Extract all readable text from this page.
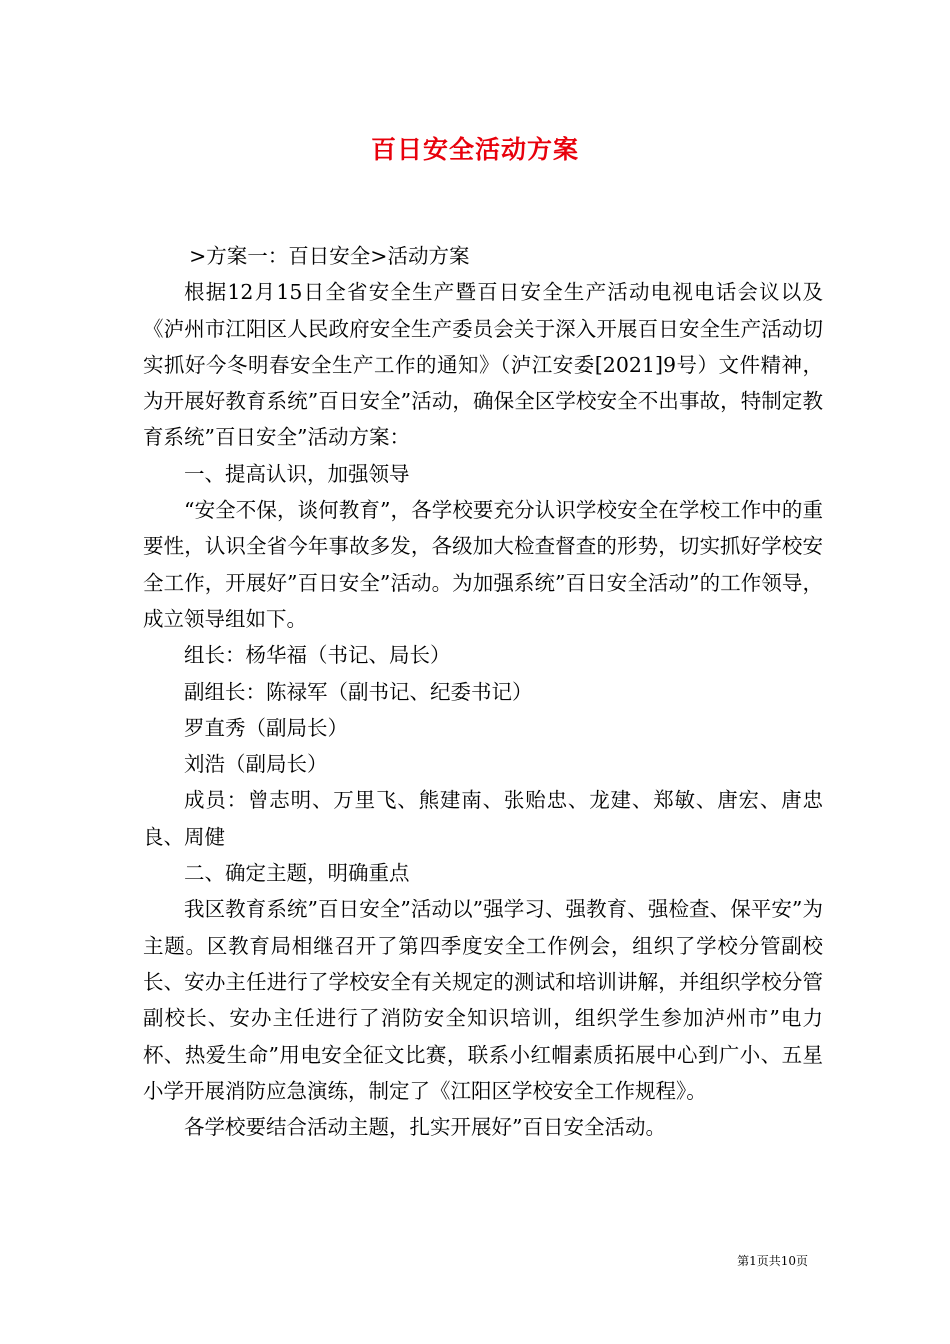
百日安全活动方案

>方案一：百日安全>活动方案

根据12月15日全省安全生产暨百日安全生产活动电视电话会议以及《泸州市江阳区人民政府安全生产委员会关于深入开展百日安全生产活动切实抓好今冬明春安全生产工作的通知》（泸江安委[2021]9号）文件精神，为开展好教育系统”百日安全”活动，确保全区学校安全不出事故，特制定教育系统”百日安全”活动方案：

一、提高认识，加强领导

“安全不保，谈何教育”，各学校要充分认识学校安全在学校工作中的重要性，认识全省今年事故多发，各级加大检查督查的形势，切实抓好学校安全工作，开展好”百日安全”活动。为加强系统”百日安全活动”的工作领导，成立领导组如下。

组长：杨华福（书记、局长）

副组长：陈禄军（副书记、纪委书记）

罗直秀（副局长）

刘浩（副局长）

成员：曾志明、万里飞、熊建南、张贻忠、龙建、郑敏、唐宏、唐忠良、周健

二、确定主题，明确重点

我区教育系统”百日安全”活动以”强学习、强教育、强检查、保平安”为主题。区教育局相继召开了第四季度安全工作例会，组织了学校分管副校长、安办主任进行了学校安全有关规定的测试和培训讲解，并组织学校分管副校长、安办主任进行了消防安全知识培训，组织学生参加泸州市”电力杯、热爱生命”用电安全征文比赛，联系小红帽素质拓展中心到广小、五星小学开展消防应急演练，制定了《江阳区学校安全工作规程》。

各学校要结合活动主题，扎实开展好”百日安全活动。

第1页共10页
